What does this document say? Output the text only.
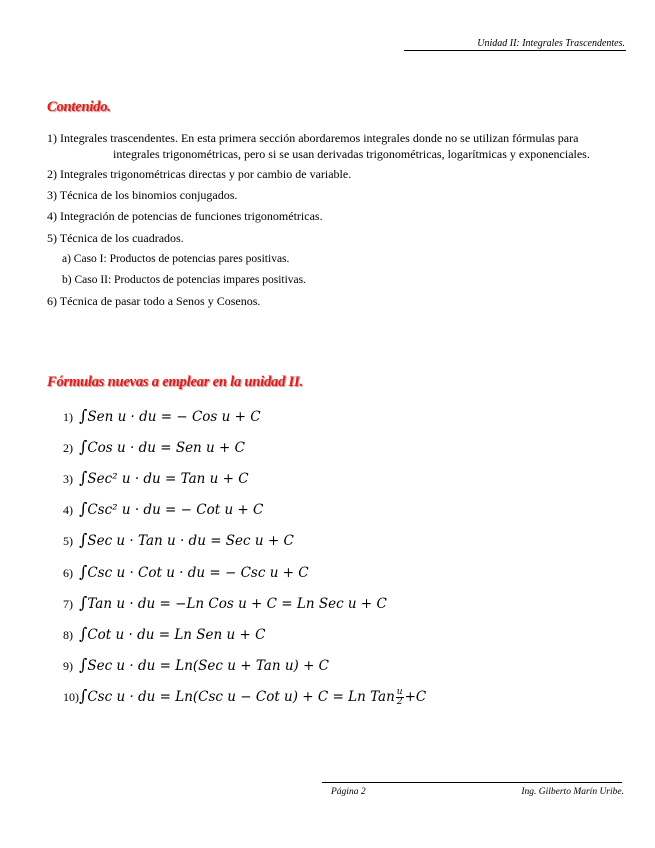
Unidad II: Integrales Trascendentes.
Contenido.
1) Integrales trascendentes. En esta primera sección abordaremos integrales donde no se utilizan fórmulas para
integrales trigonométricas, pero si se usan derivadas trigonométricas, logarítmicas y exponenciales.
2) Integrales trigonométricas directas y por cambio de variable.
3) Técnica de los binomios conjugados.
4) Integración de potencias de funciones trigonométricas.
5) Técnica de los cuadrados.
a) Caso I: Productos de potencias pares positivas.
b) Caso II: Productos de potencias impares positivas.
6) Técnica de pasar todo a Senos y Cosenos.
Fórmulas nuevas a emplear en la unidad II.
1) ∫Sen u · du = − Cos u + C
2) ∫Cos u · du = Sen u + C
3) ∫Sec² u · du = Tan u + C
4) ∫Csc² u · du = − Cot u + C
5) ∫Sec u · Tan u · du = Sec u + C
6) ∫Csc u · Cot u · du = − Csc u + C
7) ∫Tan u · du = −Ln Cos u + C = Ln Sec u + C
8) ∫Cot u · du = Ln Sen u + C
9) ∫Sec u · du = Ln(Sec u + Tan u) + C
10)∫Csc u · du = Ln(Csc u − Cot u) + C = Ln Tan $\frac{u}{2} +C$
Página 2	Ing. Gilberto Marín Uribe.
